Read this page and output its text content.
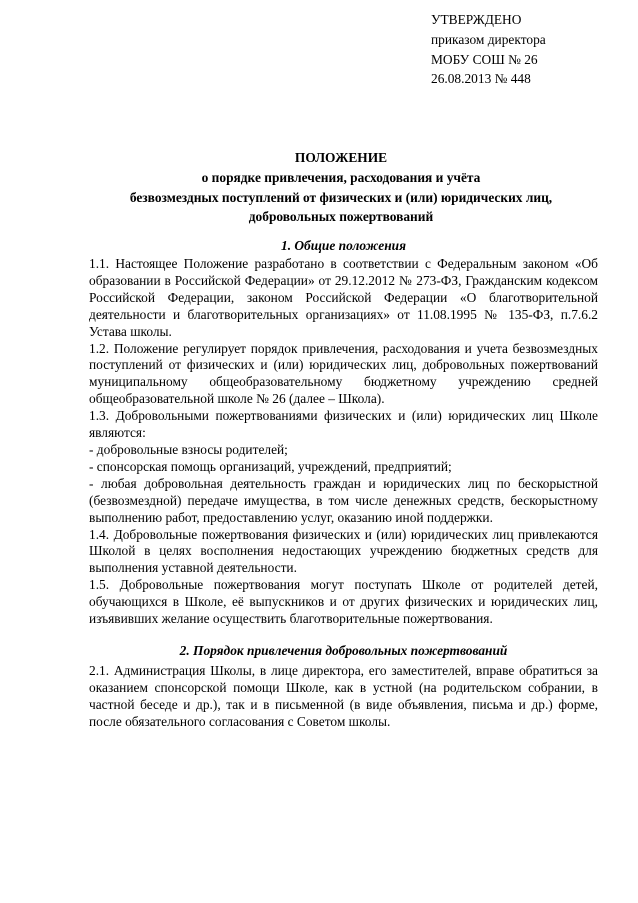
УТВЕРЖДЕНО
приказом директора
МОБУ СОШ № 26
26.08.2013 № 448
ПОЛОЖЕНИЕ
о порядке привлечения, расходования и учёта
безвозмездных поступлений от физических и (или) юридических лиц,
добровольных пожертвований

1. Общие положения

1.1. Настоящее Положение разработано в соответствии с Федеральным законом «Об образовании в Российской Федерации» от 29.12.2012 № 273-ФЗ, Гражданским кодексом Российской Федерации, законом Российской Федерации «О благотворительной деятельности и благотворительных организациях» от 11.08.1995 № 135-ФЗ, п.7.6.2 Устава школы.

1.2. Положение регулирует порядок привлечения, расходования и учета безвозмездных поступлений от физических и (или) юридических лиц, добровольных пожертвований муниципальному общеобразовательному бюджетному учреждению средней общеобразовательной школе № 26 (далее – Школа).

1.3. Добровольными пожертвованиями физических и (или) юридических лиц Школе являются:

- добровольные взносы родителей;

- спонсорская помощь организаций, учреждений, предприятий;

- любая добровольная деятельность граждан и юридических лиц по бескорыстной (безвозмездной) передаче имущества, в том числе денежных средств, бескорыстному выполнению работ, предоставлению услуг, оказанию иной поддержки.

1.4. Добровольные пожертвования физических и (или) юридических лиц привлекаются Школой в целях восполнения недостающих учреждению бюджетных средств для выполнения уставной деятельности.

1.5. Добровольные пожертвования могут поступать Школе от родителей детей, обучающихся в Школе, её выпускников и от других физических и юридических лиц, изъявивших желание осуществить благотворительные пожертвования.

2. Порядок привлечения добровольных пожертвований

2.1. Администрация Школы, в лице директора, его заместителей, вправе обратиться за оказанием спонсорской помощи Школе, как в устной (на родительском собрании, в частной беседе и др.), так и в письменной (в виде объявления, письма и др.) форме, после обязательного согласования с Советом школы.
